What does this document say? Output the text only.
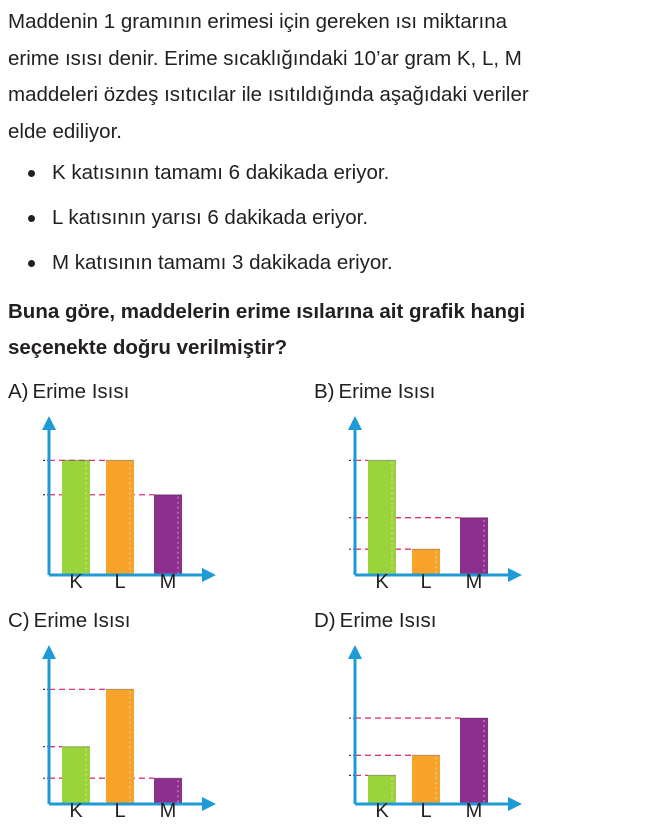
Maddenin 1 gramının erimesi için gereken ısı miktarına

erime ısısı denir. Erime sıcaklığındaki 10’ar gram K, L, M

maddeleri özdeş ısıtıcılar ile ısıtıldığında aşağıdaki veriler

elde ediliyor.

K katısının tamamı 6 dakikada eriyor.
L katısının yarısı 6 dakikada eriyor.
M katısının tamamı 3 dakikada eriyor.
Buna göre, maddelerin erime ısılarına ait grafik hangi
seçenekte doğru verilmiştir?
A) Erime Isısı
K L M
B) Erime Isısı
K L M
C) Erime Isısı
K L M
D) Erime Isısı
K L M
